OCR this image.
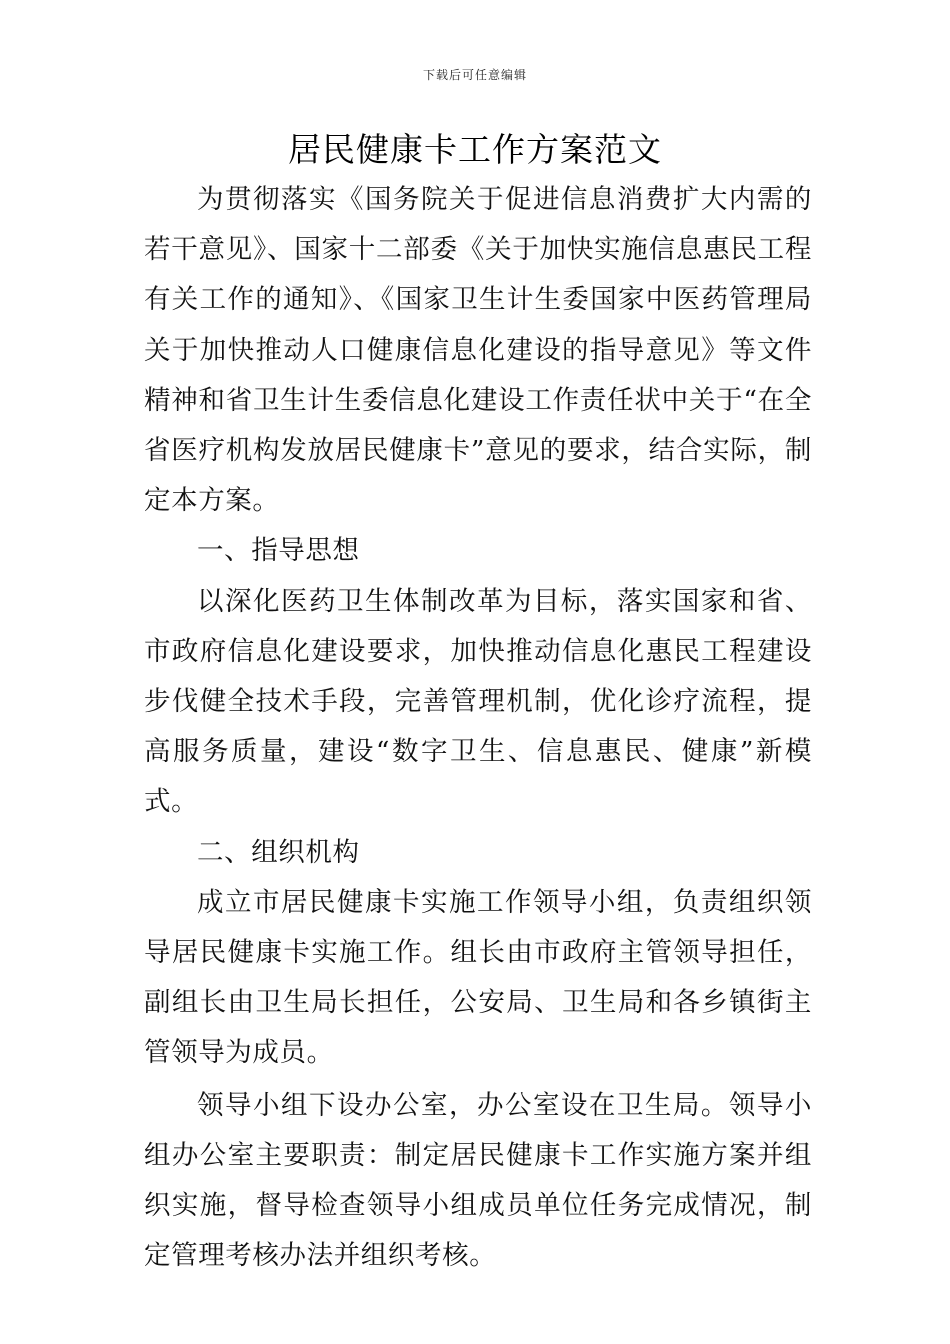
下载后可任意编辑
居民健康卡工作方案范文

为贯彻落实《国务院关于促进信息消费扩大内需的若干意见》、国家十二部委《关于加快实施信息惠民工程有关工作的通知》、《国家卫生计生委国家中医药管理局关于加快推动人口健康信息化建设的指导意见》等文件精神和省卫生计生委信息化建设工作责任状中关于“在全省医疗机构发放居民健康卡”意见的要求，结合实际，制定本方案。

一、指导思想

以深化医药卫生体制改革为目标，落实国家和省、市政府信息化建设要求，加快推动信息化惠民工程建设步伐健全技术手段，完善管理机制，优化诊疗流程，提高服务质量，建设“数字卫生、信息惠民、健康”新模式。

二、组织机构

成立市居民健康卡实施工作领导小组，负责组织领导居民健康卡实施工作。组长由市政府主管领导担任，副组长由卫生局长担任，公安局、卫生局和各乡镇街主管领导为成员。

领导小组下设办公室，办公室设在卫生局。领导小组办公室主要职责：制定居民健康卡工作实施方案并组织实施，督导检查领导小组成员单位任务完成情况，制定管理考核办法并组织考核。
